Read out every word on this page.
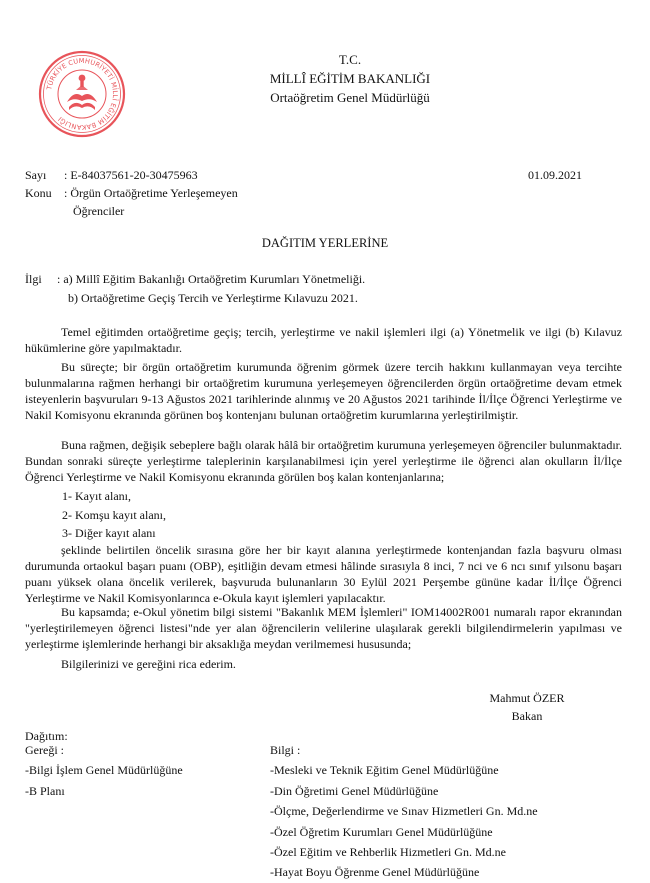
TÜRKİYE CUMHURİYETİ MİLLÎ EĞİTİM BAKANLIĞI
T.C.
MİLLÎ EĞİTİM BAKANLIĞI
Ortaöğretim Genel Müdürlüğü
Sayı : E-84037561-20-30475963	01.09.2021
Konu : Örgün Ortaöğretime Yerleşemeyen
Öğrenciler
DAĞITIM YERLERİNE
İlgi : a) Millî Eğitim Bakanlığı Ortaöğretim Kurumları Yönetmeliği.
b) Ortaöğretime Geçiş Tercih ve Yerleştirme Kılavuzu 2021.

Temel eğitimden ortaöğretime geçiş; tercih, yerleştirme ve nakil işlemleri ilgi (a) Yönetmelik ve ilgi (b) Kılavuz hükümlerine göre yapılmaktadır.

Bu süreçte; bir örgün ortaöğretim kurumunda öğrenim görmek üzere tercih hakkını kullanmayan veya tercihte bulunmalarına rağmen herhangi bir ortaöğretim kurumuna yerleşemeyen öğrencilerden örgün ortaöğretime devam etmek isteyenlerin başvuruları 9-13 Ağustos 2021 tarihlerinde alınmış ve 20 Ağustos 2021 tarihinde İl/İlçe Öğrenci Yerleştirme ve Nakil Komisyonu ekranında görünen boş kontenjanı bulunan ortaöğretim kurumlarına yerleştirilmiştir.

Buna rağmen, değişik sebeplere bağlı olarak hâlâ bir ortaöğretim kurumuna yerleşemeyen öğrenciler bulunmaktadır. Bundan sonraki süreçte yerleştirme taleplerinin karşılanabilmesi için yerel yerleştirme ile öğrenci alan okulların İl/İlçe Öğrenci Yerleştirme ve Nakil Komisyonu ekranında görülen boş kalan kontenjanlarına;

1- Kayıt alanı,
2- Komşu kayıt alanı,
3- Diğer kayıt alanı

şeklinde belirtilen öncelik sırasına göre her bir kayıt alanına yerleştirmede kontenjandan fazla başvuru olması durumunda ortaokul başarı puanı (OBP), eşitliğin devam etmesi hâlinde sırasıyla 8 inci, 7 nci ve 6 ncı sınıf yılsonu başarı puanı yüksek olana öncelik verilerek, başvuruda bulunanların 30 Eylül 2021 Perşembe gününe kadar İl/İlçe Öğrenci Yerleştirme ve Nakil Komisyonlarınca e-Okula kayıt işlemleri yapılacaktır.

Bu kapsamda; e-Okul yönetim bilgi sistemi "Bakanlık MEM İşlemleri" IOM14002R001 numaralı rapor ekranından "yerleştirilemeyen öğrenci listesi"nde yer alan öğrencilerin velilerine ulaşılarak gerekli bilgilendirmelerin yapılması ve yerleştirme işlemlerinde herhangi bir aksaklığa meydan verilmemesi hususunda;

Bilgilerinizi ve gereğini rica ederim.

Mahmut ÖZER
Bakan
Dağıtım:
Gereği :
-Bilgi İşlem Genel Müdürlüğüne
-B Planı
Bilgi :
-Mesleki ve Teknik Eğitim Genel Müdürlüğüne
-Din Öğretimi Genel Müdürlüğüne
-Ölçme, Değerlendirme ve Sınav Hizmetleri Gn. Md.ne
-Özel Öğretim Kurumları Genel Müdürlüğüne
-Özel Eğitim ve Rehberlik Hizmetleri Gn. Md.ne
-Hayat Boyu Öğrenme Genel Müdürlüğüne
